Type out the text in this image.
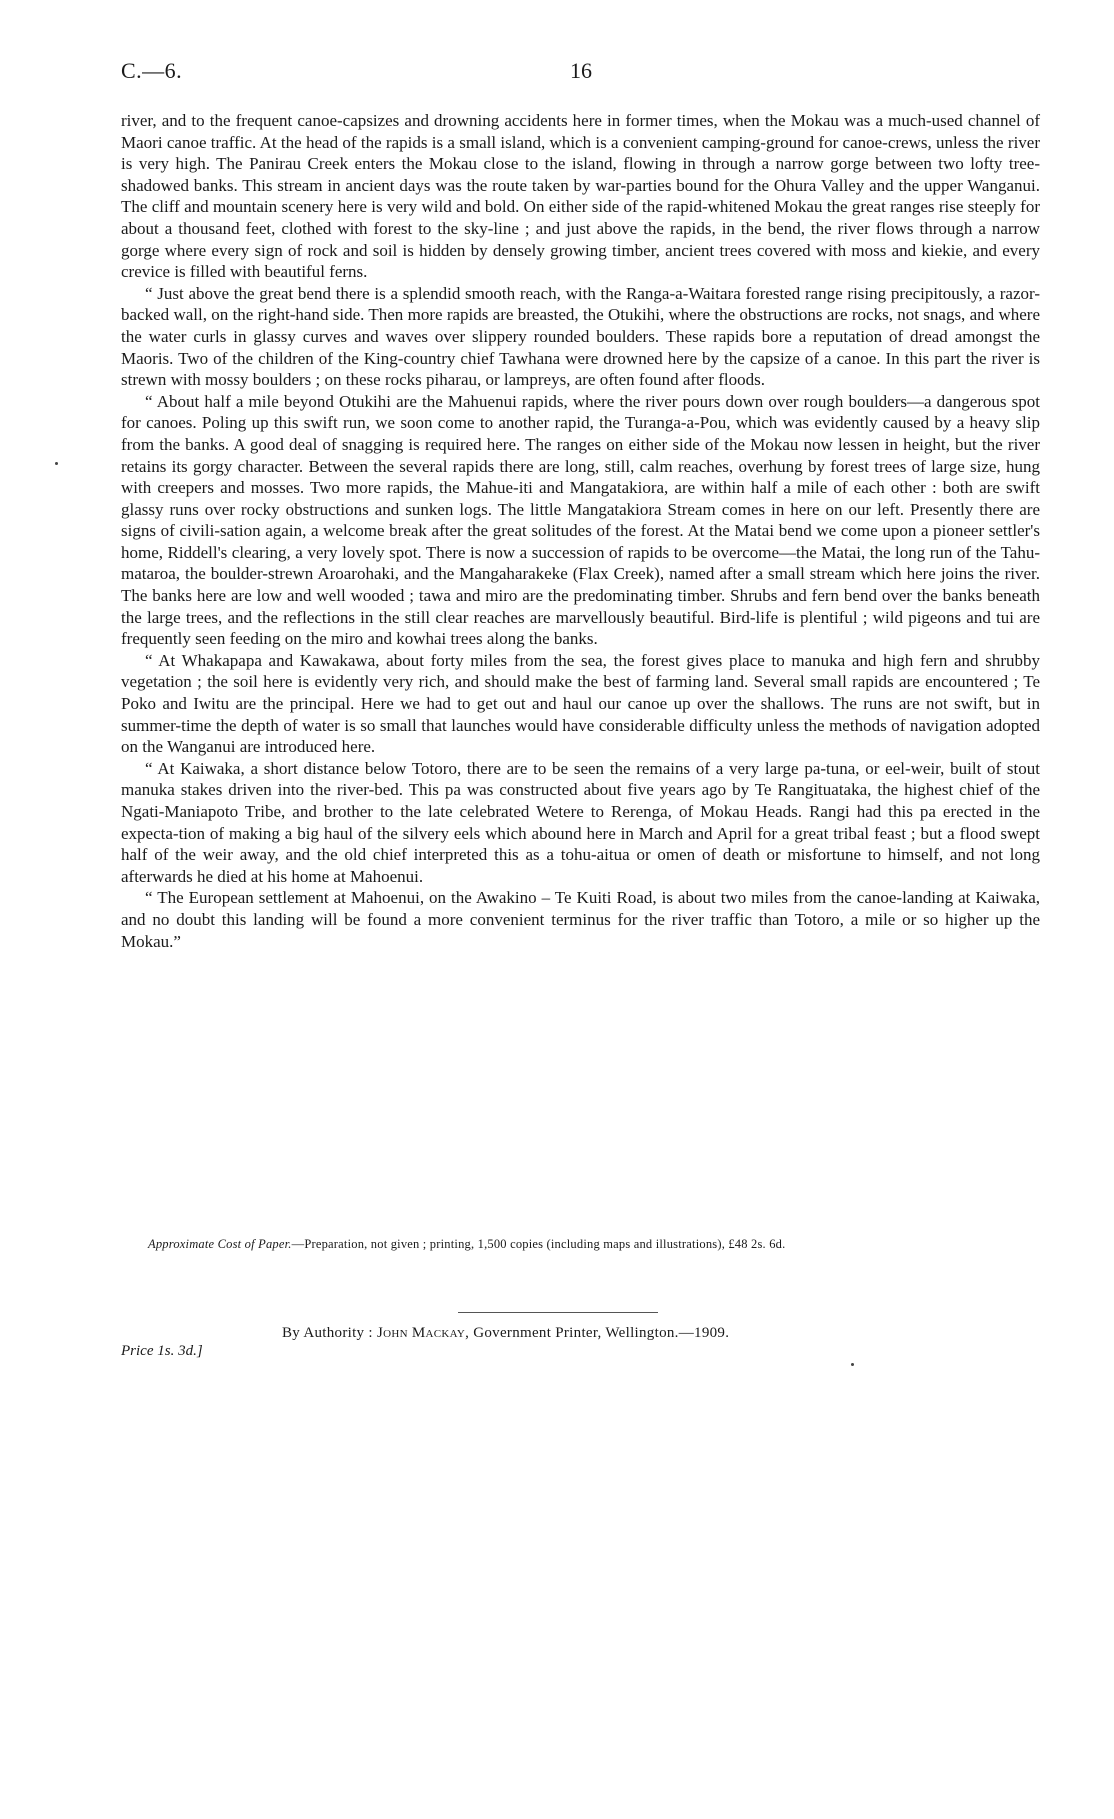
C.—6.	16

river, and to the frequent canoe-capsizes and drowning accidents here in former times, when the Mokau was a much-used channel of Maori canoe traffic. At the head of the rapids is a small island, which is a convenient camping-ground for canoe-crews, unless the river is very high. The Panirau Creek enters the Mokau close to the island, flowing in through a narrow gorge between two lofty tree-shadowed banks. This stream in ancient days was the route taken by war-parties bound for the Ohura Valley and the upper Wanganui. The cliff and mountain scenery here is very wild and bold. On either side of the rapid-whitened Mokau the great ranges rise steeply for about a thousand feet, clothed with forest to the sky-line ; and just above the rapids, in the bend, the river flows through a narrow gorge where every sign of rock and soil is hidden by densely growing timber, ancient trees covered with moss and kiekie, and every crevice is filled with beautiful ferns.

“ Just above the great bend there is a splendid smooth reach, with the Ranga-a-Waitara forested range rising precipitously, a razor-backed wall, on the right-hand side. Then more rapids are breasted, the Otukihi, where the obstructions are rocks, not snags, and where the water curls in glassy curves and waves over slippery rounded boulders. These rapids bore a reputation of dread amongst the Maoris. Two of the children of the King-country chief Tawhana were drowned here by the capsize of a canoe. In this part the river is strewn with mossy boulders ; on these rocks piharau, or lampreys, are often found after floods.

“ About half a mile beyond Otukihi are the Mahuenui rapids, where the river pours down over rough boulders—a dangerous spot for canoes. Poling up this swift run, we soon come to another rapid, the Turanga-a-Pou, which was evidently caused by a heavy slip from the banks. A good deal of snagging is required here. The ranges on either side of the Mokau now lessen in height, but the river retains its gorgy character. Between the several rapids there are long, still, calm reaches, overhung by forest trees of large size, hung with creepers and mosses. Two more rapids, the Mahue-iti and Mangatakiora, are within half a mile of each other : both are swift glassy runs over rocky obstructions and sunken logs. The little Mangatakiora Stream comes in here on our left. Presently there are signs of civili-sation again, a welcome break after the great solitudes of the forest. At the Matai bend we come upon a pioneer settler's home, Riddell's clearing, a very lovely spot. There is now a succession of rapids to be overcome—the Matai, the long run of the Tahu-mataroa, the boulder-strewn Aroarohaki, and the Mangaharakeke (Flax Creek), named after a small stream which here joins the river. The banks here are low and well wooded ; tawa and miro are the predominating timber. Shrubs and fern bend over the banks beneath the large trees, and the reflections in the still clear reaches are marvellously beautiful. Bird-life is plentiful ; wild pigeons and tui are frequently seen feeding on the miro and kowhai trees along the banks.

“ At Whakapapa and Kawakawa, about forty miles from the sea, the forest gives place to manuka and high fern and shrubby vegetation ; the soil here is evidently very rich, and should make the best of farming land. Several small rapids are encountered ; Te Poko and Iwitu are the principal. Here we had to get out and haul our canoe up over the shallows. The runs are not swift, but in summer-time the depth of water is so small that launches would have considerable difficulty unless the methods of navigation adopted on the Wanganui are introduced here.

“ At Kaiwaka, a short distance below Totoro, there are to be seen the remains of a very large pa-tuna, or eel-weir, built of stout manuka stakes driven into the river-bed. This pa was constructed about five years ago by Te Rangituataka, the highest chief of the Ngati-Maniapoto Tribe, and brother to the late celebrated Wetere to Rerenga, of Mokau Heads. Rangi had this pa erected in the expecta-tion of making a big haul of the silvery eels which abound here in March and April for a great tribal feast ; but a flood swept half of the weir away, and the old chief interpreted this as a tohu-aitua or omen of death or misfortune to himself, and not long afterwards he died at his home at Mahoenui.

“ The European settlement at Mahoenui, on the Awakino – Te Kuiti Road, is about two miles from the canoe-landing at Kaiwaka, and no doubt this landing will be found a more convenient terminus for the river traffic than Totoro, a mile or so higher up the Mokau.”

Approximate Cost of Paper.—Preparation, not given ; printing, 1,500 copies (including maps and illustrations), £48 2s. 6d.
By Authority : John Mackay, Government Printer, Wellington.—1909.
Price 1s. 3d.]
